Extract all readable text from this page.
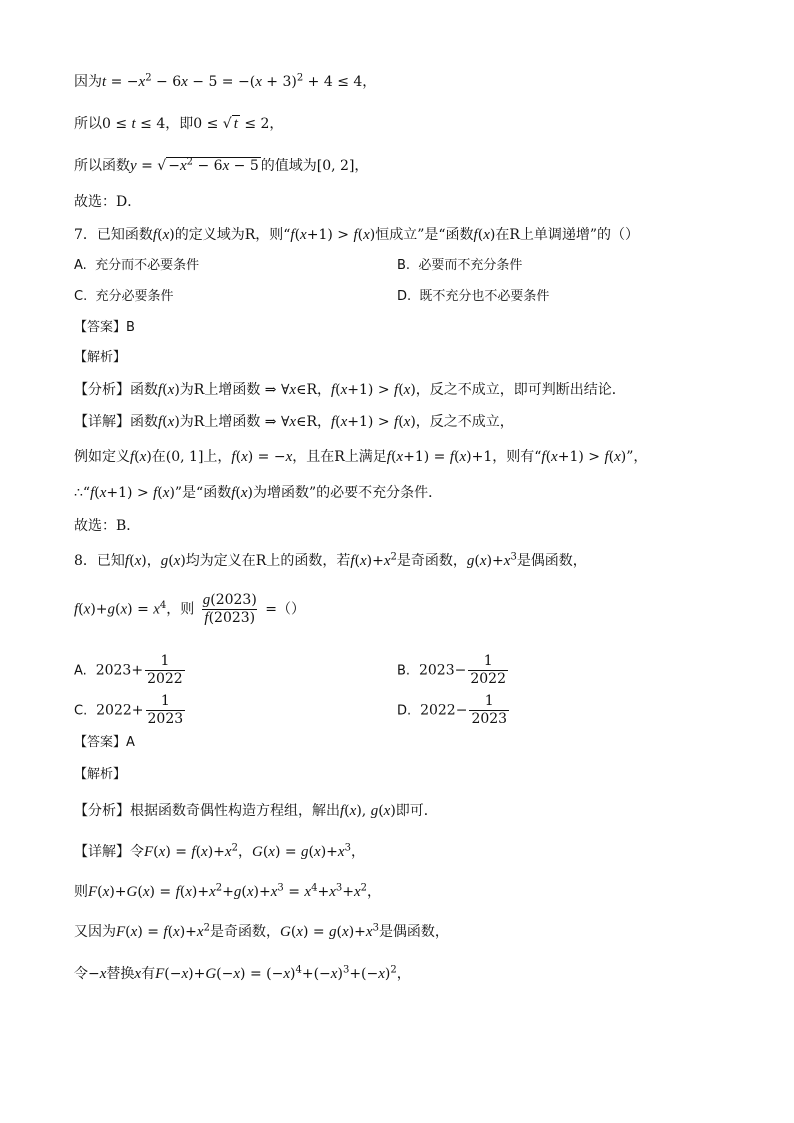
因为$t = -x^2 - 6x - 5 = -(x + 3)^2 + 4 \le 4$，
所以0 ≤ t ≤ 4，即0 ≤ √ t ≤ 2，
所以函数y = √ $-x^2 - 6x - 5$ 的值域为[0, 2]，
故选：D．
7．已知函数f(x)的定义域为R，则“f(x+1) > f(x)恒成立”是“函数f(x)在R上单调递增”的（）
A. 充分而不必要条件	B. 必要而不充分条件
C. 充分必要条件	D. 既不充分也不必要条件
【答案】B
【解析】
【分析】函数f(x)为R上增函数 ⇒ ∀x∈R，f(x+1) > f(x)，反之不成立，即可判断出结论．
【详解】函数f(x)为R上增函数 ⇒ ∀x∈R，f(x+1) > f(x)，反之不成立，
例如定义f(x)在(0, 1]上，f(x) = −x，且在R上满足f(x+1) = f(x)+1，则有“f(x+1) > f(x)”，
∴“f(x+1) > f(x)”是“函数f(x)为增函数”的必要不充分条件．
故选：B．
8．已知f(x)，g(x)均为定义在R上的函数，若$f(x)+x^2$是奇函数，$g(x)+x^3$是偶函数，
$f(x)+g(x) = x^4$，则 $\frac{g(2023)}{f(2023)}$ =（）
A. $2023+ \frac{1}{2022}$	B. $2023- \frac{1}{2022}$
C. $2022+ \frac{1}{2023}$	D. $2022- \frac{1}{2023}$
【答案】A
【解析】
【分析】根据函数奇偶性构造方程组，解出f(x), g(x)即可．
【详解】令$F(x) = f(x)+x^2$，$G(x) = g(x)+x^3$，
则$F(x)+G(x) = f(x)+x^2+g(x)+x^3 = x^4+x^3+x^2$，
又因为$F(x) = f(x)+x^2$是奇函数，$G(x) = g(x)+x^3$是偶函数，
令−x替换x有$F(-x)+G(-x) = (-x)^4+(-x)^3+(-x)^2$，
